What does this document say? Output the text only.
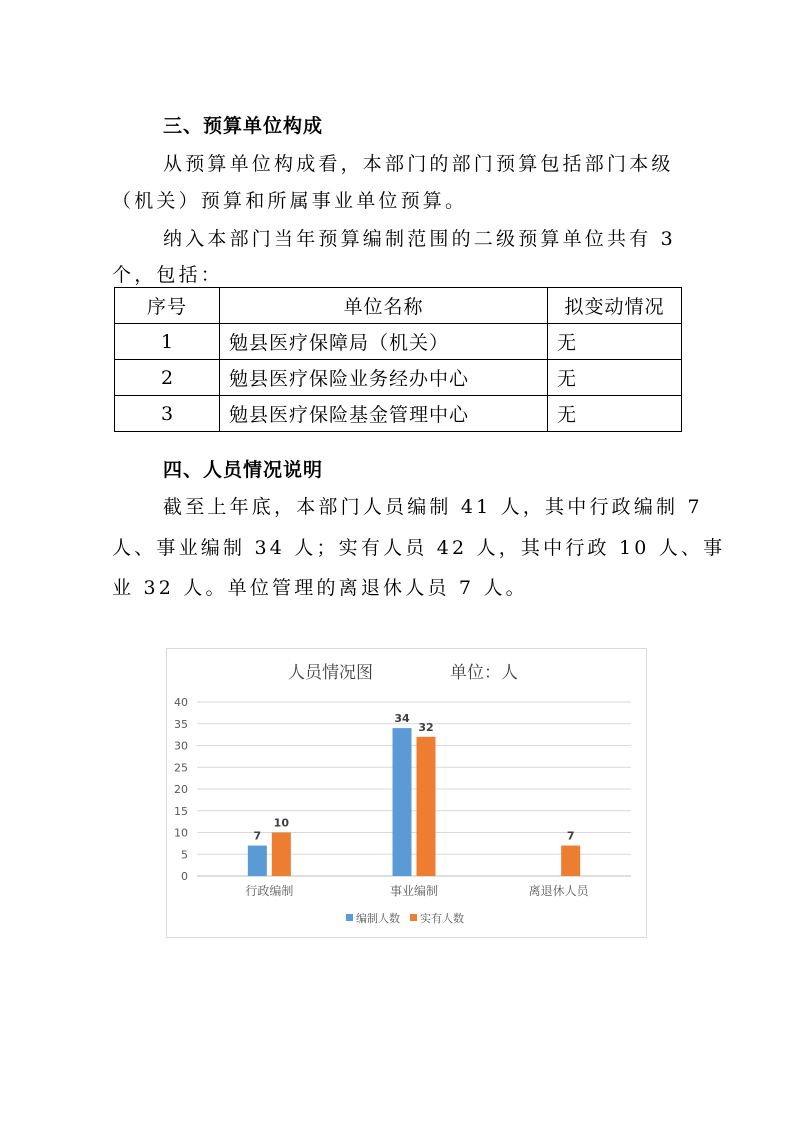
三、预算单位构成
从预算单位构成看，本部门的部门预算包括部门本级
（机关）预算和所属事业单位预算。
纳入本部门当年预算编制范围的二级预算单位共有 3
个，包括：
序号	单位名称	拟变动情况
1	勉县医疗保障局（机关）	无
2	勉县医疗保险业务经办中心	无
3	勉县医疗保险基金管理中心	无
四、人员情况说明
截至上年底，本部门人员编制 41 人，其中行政编制 7
人、事业编制 34 人；实有人员 42 人，其中行政 10 人、事
业 32 人。单位管理的离退休人员 7 人。
人员情况图	单位：人
0
5
10
15
20
25
30
35
40
7
10
行政编制
34
32
事业编制
7
离退休人员
编制人数 实有人数
